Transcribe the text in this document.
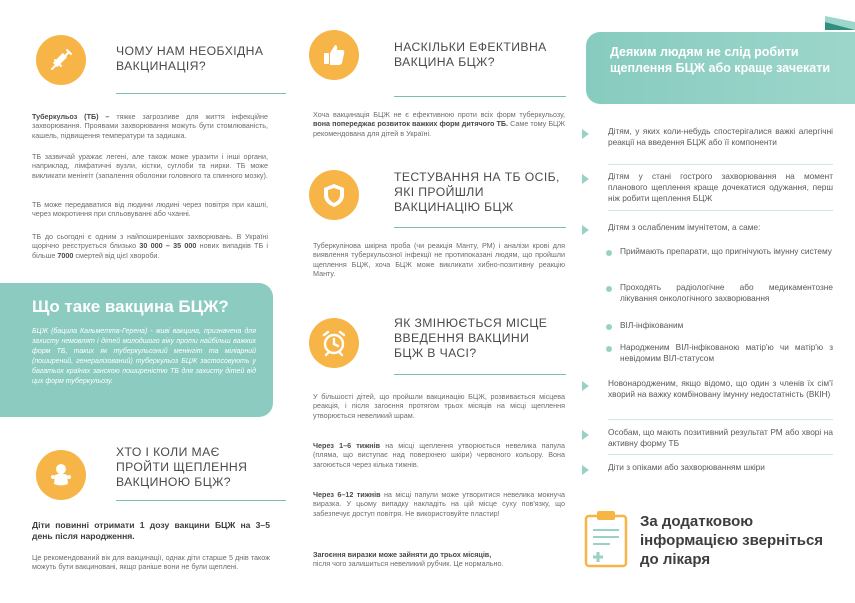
ЧОМУ НАМ НЕОБХІДНА ВАКЦИНАЦІЯ?
Туберкульоз (ТБ) – тяжке загрозливе для життя інфекційне захворювання. Проявами захворювання можуть бути стомлюваність, кашель, підвищення температури та задишка.
ТБ зазвичай уражає легені, але також може уразити і інші органи, наприклад, лімфатичні вузли, кістки, суглоби та нирки. ТБ може викликати менінгіт (запалення оболонки головного та спинного мозку).
ТБ може передаватися від людини людині через повітря при кашлі, через мокротиння при спльовуванні або чханні.
ТБ до сьогодні є одним з найпоширеніших захворювань. В Україні щорічно реєструється близько 30 000 – 35 000 нових випадків ТБ і більше 7000 смертей від цієї хвороби.
Що таке вакцина БЦЖ?

БЦЖ (бацила Кальметта-Герена) - живі вакцина, призначена для захисту немовлят і дітей молодшого віку проти найбільш важких форм ТБ, таких як туберкульозний менінгіт та міліарний (поширений, генералізований) туберкульоз БЦЖ застосовують у багатьох країнах занскою поширеністю ТБ для захисту дітей від цих форм туберкульозу.

ХТО І КОЛИ МАЄ ПРОЙТИ ЩЕПЛЕННЯ ВАКЦИНОЮ БЦЖ?
Діти повинні отримати 1 дозу вакцини БЦЖ на 3–5 день після народження.
Це рекомендований вік для вакцинації, однак діти старше 5 днів також можуть бути вакциновані, якщо раніше вони не були щеплені.
НАСКІЛЬКИ ЕФЕКТИВНА ВАКЦИНА БЦЖ?
Хоча вакцинація БЦЖ не є ефективною проти всіх форм туберкульозу, вона попереджає розвиток важких форм дитячого ТБ. Саме тому БЦЖ рекомендована для дітей в Україні.
ТЕСТУВАННЯ НА ТБ ОСІБ, ЯКІ ПРОЙШЛИ ВАКЦИНАЦІЮ БЦЖ
Туберкулінова шкірна проба (чи реакція Манту, РМ) і аналізи крові для виявлення туберкульозної інфекції не протипоказані людям, що пройшли щеплення БЦЖ, хоча БЦЖ може викликати хибно-позитивну реакцію Манту.
ЯК ЗМІНЮЄТЬСЯ МІСЦЕ ВВЕДЕННЯ ВАКЦИНИ БЦЖ В ЧАСІ?
У більшості дітей, що пройшли вакцинацію БЦЖ, розвивається місцева реакція, і після загоєння протягом трьох місяців на місці щеплення утворюється невеликий шрам.
Через 1–6 тижнів на місці щеплення утворюється невелика папула (пляма, що виступає над поверхнею шкіри) червоного кольору. Вона загоюється через кілька тижнів.
Через 6–12 тижнів на місці папули може утворитися невелика мокнуча виразка. У цьому випадку накладіть на цій місце суху пов'язку, що забезпечує доступ повітря. Не використовуйте пластир!
Загоєння виразки може зайняти до трьох місяців,
після чого залишиться невеликий рубчик. Це нормально.
Деяким людям не слід робити щеплення БЦЖ або краще зачекати
Дітям, у яких коли-небудь спостерігалися важкі алергічні реакції на введення БЦЖ або її компоненти
Дітям у стані гострого захворювання на момент планового щеплення краще дочекатися одужання, перш ніж робити щеплення БЦЖ
Дітям з ослабленим імунітетом, а саме:
Приймають препарати, що пригнічують імунну систему
Проходять радіологічне або медикаментозне лікування онкологічного захворювання
ВІЛ-інфікованим
Народженим ВІЛ-інфікованою матір'ю чи матір'ю з невідомим ВІЛ-статусом
Новонародженим, якщо відомо, що один з членів їх сім'ї хворий на важку комбіновану імунну недостатність (ВКІН)
Особам, що мають позитивний результат РМ або хворі на активну форму ТБ
Діти з опіками або захворюванням шкіри
За додатковою інформацією зверніться до лікаря
